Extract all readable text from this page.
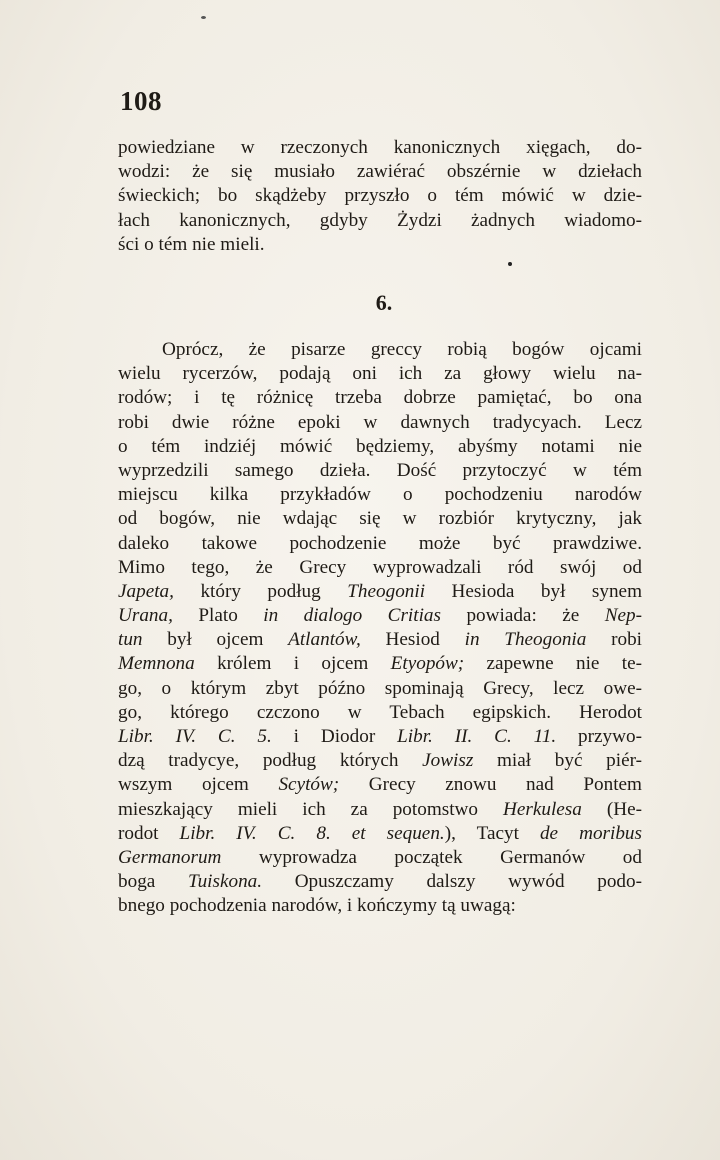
108
powiedziane w rzeczonych kanonicznych xięgach, do-
wodzi: że się musiało zawiérać obszérnie w dziełach
świeckich; bo skądżeby przyszło o tém mówić w dzie-
łach kanonicznych, gdyby Żydzi żadnych wiadomo-
ści o tém nie mieli.
6.
Oprócz, że pisarze greccy robią bogów ojcami
wielu rycerzów, podają oni ich za głowy wielu na-
rodów; i tę różnicę trzeba dobrze pamiętać, bo ona
robi dwie różne epoki w dawnych tradycyach. Lecz
o tém indziéj mówić będziemy, abyśmy notami nie
wyprzedzili samego dzieła. Dość przytoczyć w tém
miejscu kilka przykładów o pochodzeniu narodów
od bogów, nie wdając się w rozbiór krytyczny, jak
daleko takowe pochodzenie może być prawdziwe.
Mimo tego, że Grecy wyprowadzali ród swój od
Japeta, który podług Theogonii Hesioda był synem
Urana, Plato in dialogo Critias powiada: że Nep-
tun był ojcem Atlantów, Hesiod in Theogonia robi
Memnona królem i ojcem Etyopów; zapewne nie te-
go, o którym zbyt późno spominają Grecy, lecz owe-
go, którego czczono w Tebach egipskich. Herodot
Libr. IV. C. 5. i Diodor Libr. II. C. 11. przywo-
dzą tradycye, podług których Jowisz miał być piér-
wszym ojcem Scytów; Grecy znowu nad Pontem
mieszkający mieli ich za potomstwo Herkulesa (He-
rodot Libr. IV. C. 8. et sequen.), Tacyt de moribus
Germanorum wyprowadza początek Germanów od
boga Tuiskona. Opuszczamy dalszy wywód podo-
bnego pochodzenia narodów, i kończymy tą uwagą:
